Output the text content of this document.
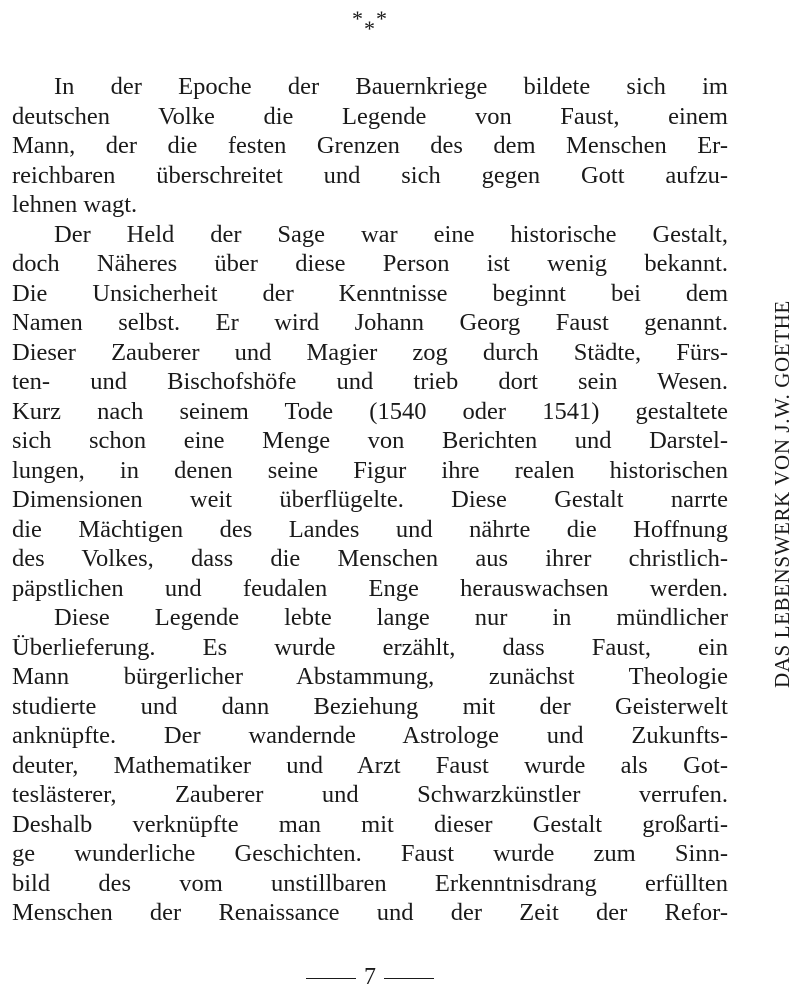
***
In der Epoche der Bauernkriege bildete sich im
deutschen Volke die Legende von Faust, einem
Mann, der die festen Grenzen des dem Menschen Er-
reichbaren überschreitet und sich gegen Gott aufzu-
lehnen wagt.
Der Held der Sage war eine historische Gestalt,
doch Näheres über diese Person ist wenig bekannt.
Die Unsicherheit der Kenntnisse beginnt bei dem
Namen selbst. Er wird Johann Georg Faust genannt.
Dieser Zauberer und Magier zog durch Städte, Fürs-
ten- und Bischofshöfe und trieb dort sein Wesen.
Kurz nach seinem Tode (1540 oder 1541) gestaltete
sich schon eine Menge von Berichten und Darstel-
lungen, in denen seine Figur ihre realen historischen
Dimensionen weit überflügelte. Diese Gestalt narrte
die Mächtigen des Landes und nährte die Hoffnung
des Volkes, dass die Menschen aus ihrer christlich-
päpstlichen und feudalen Enge herauswachsen werden.
Diese Legende lebte lange nur in mündlicher
Überlieferung. Es wurde erzählt, dass Faust, ein
Mann bürgerlicher Abstammung, zunächst Theologie
studierte und dann Beziehung mit der Geisterwelt
anknüpfte. Der wandernde Astrologe und Zukunfts-
deuter, Mathematiker und Arzt Faust wurde als Got-
teslästerer, Zauberer und Schwarzkünstler verrufen.
Deshalb verknüpfte man mit dieser Gestalt großarti-
ge wunderliche Geschichten. Faust wurde zum Sinn-
bild des vom unstillbaren Erkenntnisdrang erfüllten
Menschen der Renaissance und der Zeit der Refor-
DAS LEBENSWERK VON J.W. GOETHE
7
